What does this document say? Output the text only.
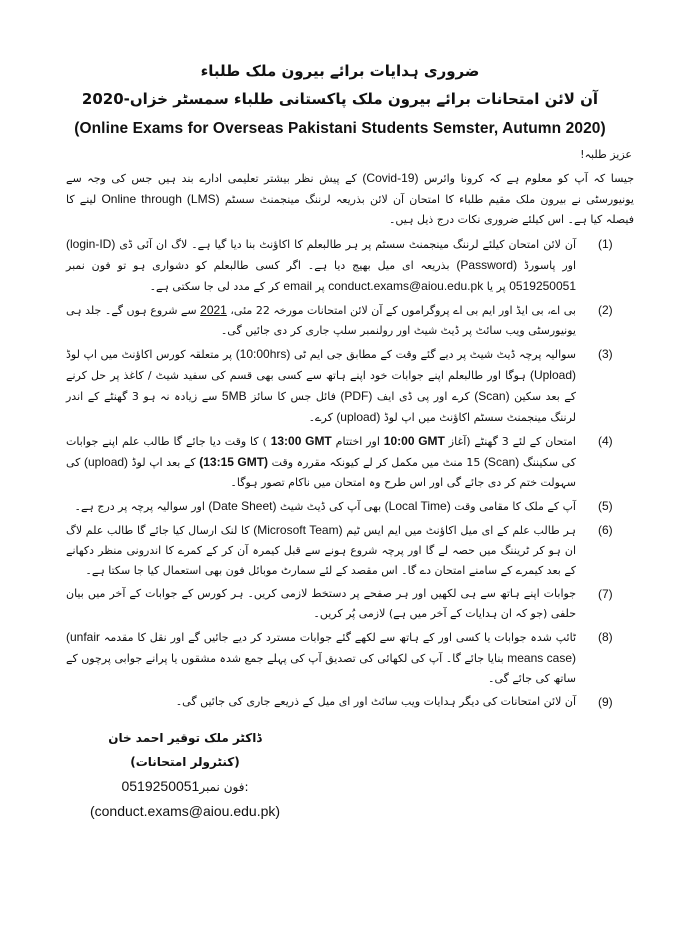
ضروری ہدایات برائے بیرون ملک طلباء
آن لائن امتحانات برائے بیرون ملک پاکستانی طلباء سمسٹر خزاں-2020
(Online Exams for Overseas Pakistani Students Semster, Autumn 2020)
عزیز طلبہ!
جیسا کہ آپ کو معلوم ہے کہ کرونا وائرس (Covid-19) کے پیش نظر بیشتر تعلیمی ادارے بند ہیں جس کی وجہ سے یونیورسٹی نے بیرون ملک مقیم طلباء کا امتحان آن لائن بذریعہ لرننگ مینجمنٹ سسٹم Online through (LMS) لینے کا فیصلہ کیا ہے۔ اس کیلئے ضروری نکات درج ذیل ہیں۔
(1)
آن لائن امتحان کیلئے لرننگ مینجمنٹ سسٹم پر ہر طالبعلم کا اکاؤنٹ بنا دیا گیا ہے۔ لاگ ان آئی ڈی (login-ID) اور پاسورڈ (Password) بذریعہ ای میل بھیج دیا ہے۔ اگر کسی طالبعلم کو دشواری ہو تو فون نمبر 0519250051 پر یا conduct.exams@aiou.edu.pk پر email کر کے مدد لی جا سکتی ہے۔
(2)
بی اے، بی ایڈ اور ایم بی اے پروگراموں کے آن لائن امتحانات مورخہ 22 مئی، 2021 سے شروع ہوں گے۔ جلد ہی یونیورسٹی ویب سائٹ پر ڈیٹ شیٹ اور رولنمبر سلپ جاری کر دی جائیں گی۔
(3)
سوالیہ پرچہ ڈیٹ شیٹ پر دیے گئے وقت کے مطابق جی ایم ٹی (10:00hrs) پر متعلقہ کورس اکاؤنٹ میں اپ لوڈ (Upload) ہوگا اور طالبعلم اپنے جوابات خود اپنے ہاتھ سے کسی بھی قسم کی سفید شیٹ / کاغذ پر حل کرنے کے بعد سکین (Scan) کرے اور پی ڈی ایف (PDF) فائل جس کا سائز 5MB سے زیادہ نہ ہو 3 گھنٹے کے اندر لرننگ مینجمنٹ سسٹم اکاؤنٹ میں اپ لوڈ (upload) کرے۔
(4)
امتحان کے لئے 3 گھنٹے (آغاز 10:00 GMT اور اختتام 13:00 GMT ) کا وقت دیا جائے گا طالب علم اپنے جوابات کی سکیننگ (Scan) 15 منٹ میں مکمل کر لے کیونکہ مقررہ وقت (13:15 GMT) کے بعد اپ لوڈ (upload) کی سہولت ختم کر دی جائے گی اور اس طرح وہ امتحان میں ناکام تصور ہوگا۔
(5)
آپ کے ملک کا مقامی وقت (Local Time) بھی آپ کی ڈیٹ شیٹ (Date Sheet) اور سوالیہ پرچہ پر درج ہے۔
(6)
ہر طالب علم کے ای میل اکاؤنٹ میں ایم ایس ٹیم (Microsoft Team) کا لنک ارسال کیا جائے گا طالب علم لاگ ان ہو کر ٹریننگ میں حصہ لے گا اور پرچہ شروع ہونے سے قبل کیمرہ آن کر کے کمرے کا اندرونی منظر دکھانے کے بعد کیمرے کے سامنے امتحان دے گا۔ اس مقصد کے لئے سمارٹ موبائل فون بھی استعمال کیا جا سکتا ہے۔
(7)
جوابات اپنے ہاتھ سے ہی لکھیں اور ہر صفحے پر دستخط لازمی کریں۔ ہر کورس کے جوابات کے آخر میں بیان حلفی (جو کہ ان ہدایات کے آخر میں ہے) لازمی پُر کریں۔
(8)
ٹائپ شدہ جوابات یا کسی اور کے ہاتھ سے لکھے گئے جوابات مسترد کر دیے جائیں گے اور نقل کا مقدمہ (unfair means case) بنایا جائے گا۔ آپ کی لکھائی کی تصدیق آپ کی پہلے جمع شدہ مشقوں یا پرانے جوابی پرچوں کے ساتھ کی جائے گی۔
(9)
آن لائن امتحانات کی دیگر ہدایات ویب سائٹ اور ای میل کے ذریعے جاری کی جائیں گی۔
ڈاکٹر ملک توقیر احمد خان
(کنٹرولر امتحانات)
0519250051فون نمبر:
(conduct.exams@aiou.edu.pk)
